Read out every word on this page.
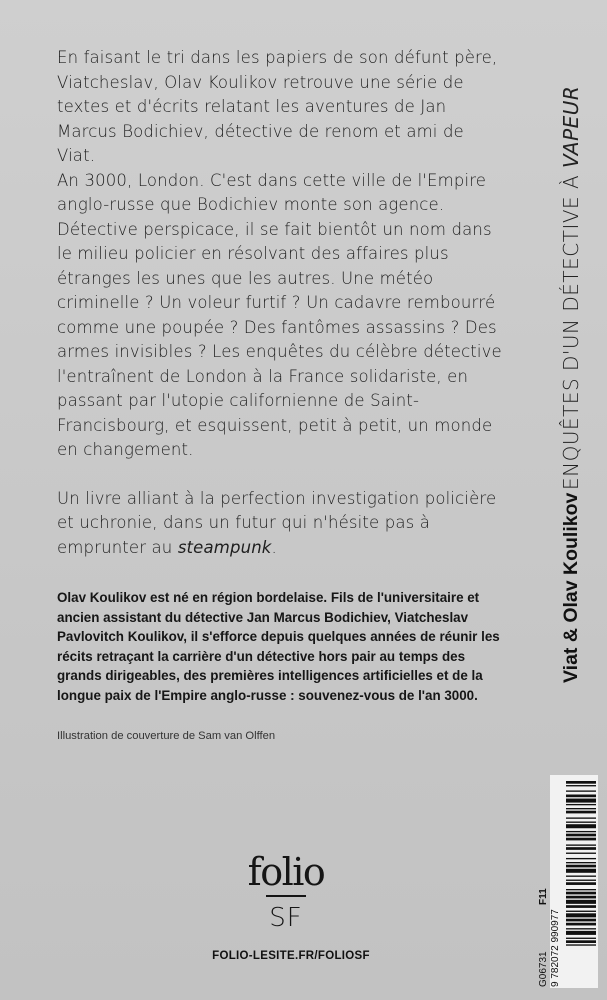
En faisant le tri dans les papiers de son défunt père, Viatcheslav, Olav Koulikov retrouve une série de textes et d'écrits relatant les aventures de Jan Marcus Bodichiev, détective de renom et ami de Viat.

An 3000, London. C'est dans cette ville de l'Empire anglo-russe que Bodichiev monte son agence. Détective perspicace, il se fait bientôt un nom dans le milieu policier en résolvant des affaires plus étranges les unes que les autres. Une météo criminelle ? Un voleur furtif ? Un cadavre rembourré comme une poupée ? Des fantômes assassins ? Des armes invisibles ? Les enquêtes du célèbre détective l'entraînent de London à la France solidariste, en passant par l'utopie californienne de Saint-Francisbourg, et esquissent, petit à petit, un monde en changement.

Un livre alliant à la perfection investigation policière et uchronie, dans un futur qui n'hésite pas à emprunter au steampunk.

Olav Koulikov est né en région bordelaise. Fils de l'universitaire et ancien assistant du détective Jan Marcus Bodichiev, Viatcheslav Pavlovitch Koulikov, il s'efforce depuis quelques années de réunir les récits retraçant la carrière d'un détective hors pair au temps des grands dirigeables, des premières intelligences artificielles et de la longue paix de l'Empire anglo-russe : souvenez-vous de l'an 3000.
Illustration de couverture de Sam van Olffen
ENQUÊTES D'UN DÉTECTIVE À VAPEUR
Viat & Olav Koulikov
folio
SF
FOLIO-LESITE.FR/FOLIOSF	G06731
F11
9 782072 990977
